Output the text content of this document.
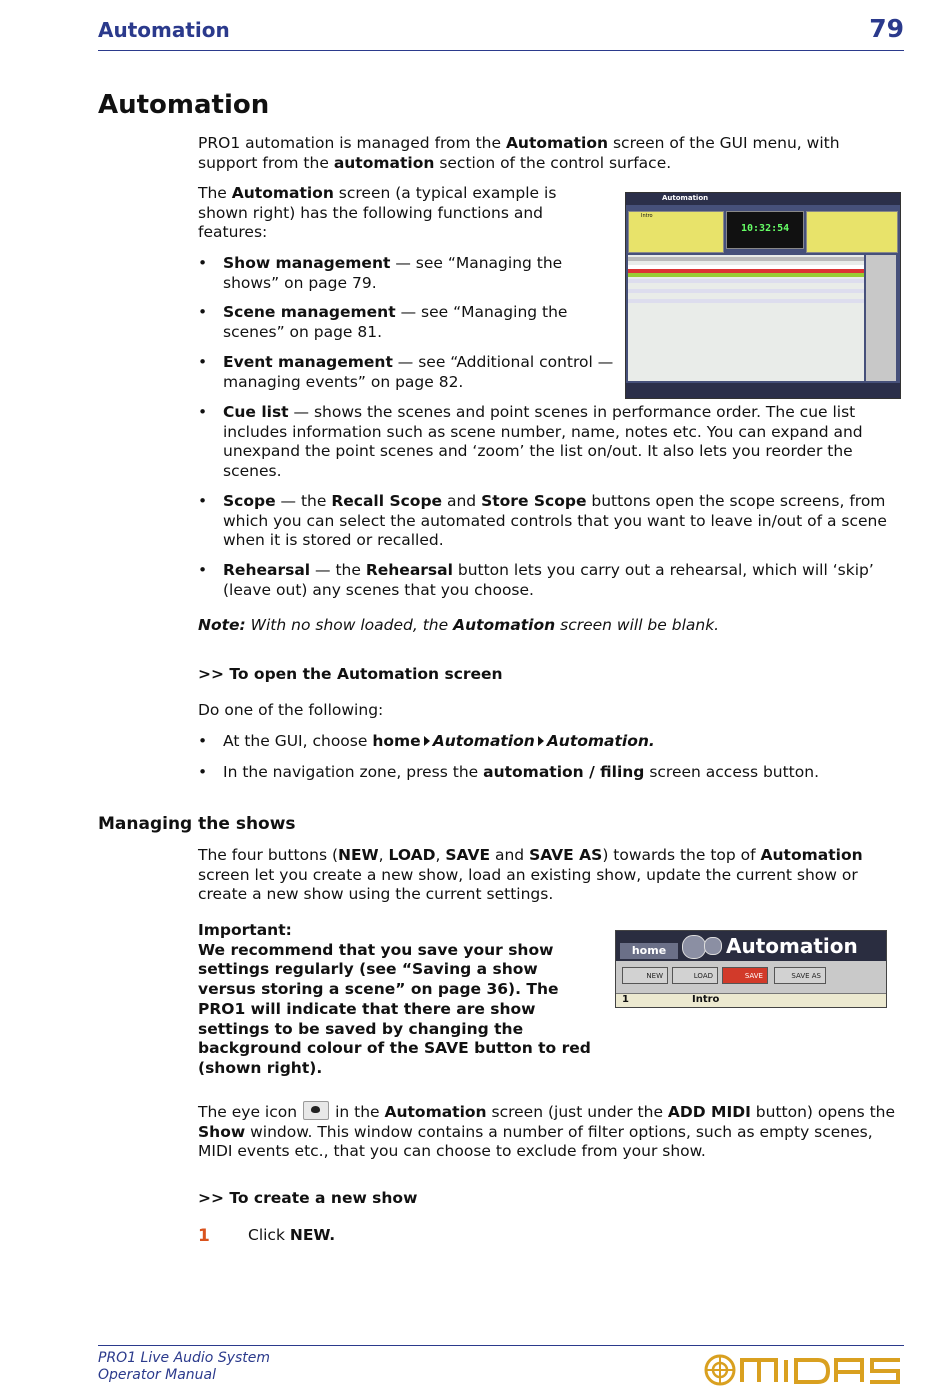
Automation	79
Automation

PRO1 automation is managed from the Automation screen of the GUI menu, with support from the automation section of the control surface.

The Automation screen (a typical example is shown right) has the following functions and features:

• Show management — see “Managing the shows” on page 79.
• Scene management — see “Managing the scenes” on page 81.
• Event management — see “Additional control — managing events” on page 82.
• Cue list — shows the scenes and point scenes in performance order. The cue list includes information such as scene number, name, notes etc. You can expand and unexpand the point scenes and ‘zoom’ the list on/out. It also lets you reorder the scenes.
• Scope — the Recall Scope and Store Scope buttons open the scope screens, from which you can select the automated controls that you want to leave in/out of a scene when it is stored or recalled.
• Rehearsal — the Rehearsal button lets you carry out a rehearsal, which will ‘skip’ (leave out) any scenes that you choose.

Note: With no show loaded, the Automation screen will be blank.

>> To open the Automation screen

Do one of the following:

• At the GUI, choose home Automation Automation.
• In the navigation zone, press the automation / filing screen access button.
Managing the shows

The four buttons (NEW, LOAD, SAVE and SAVE AS) towards the top of Automation screen let you create a new show, load an existing show, update the current show or create a new show using the current settings.

Important:
We recommend that you save your show settings regularly (see “Saving a show versus storing a scene” on page 36). The PRO1 will indicate that there are show settings to be saved by changing the background colour of the SAVE button to red (shown right).

The eye icon in the Automation screen (just under the ADD MIDI button) opens the Show window. This window contains a number of filter options, such as empty scenes, MIDI events etc., that you can choose to exclude from your show.

>> To create a new show

1 Click NEW.
Automation
Intro
10:32:54
home	Automation
NEW	LOAD	SAVE	SAVE AS
1	Intro
PRO1 Live Audio System
Operator Manual
